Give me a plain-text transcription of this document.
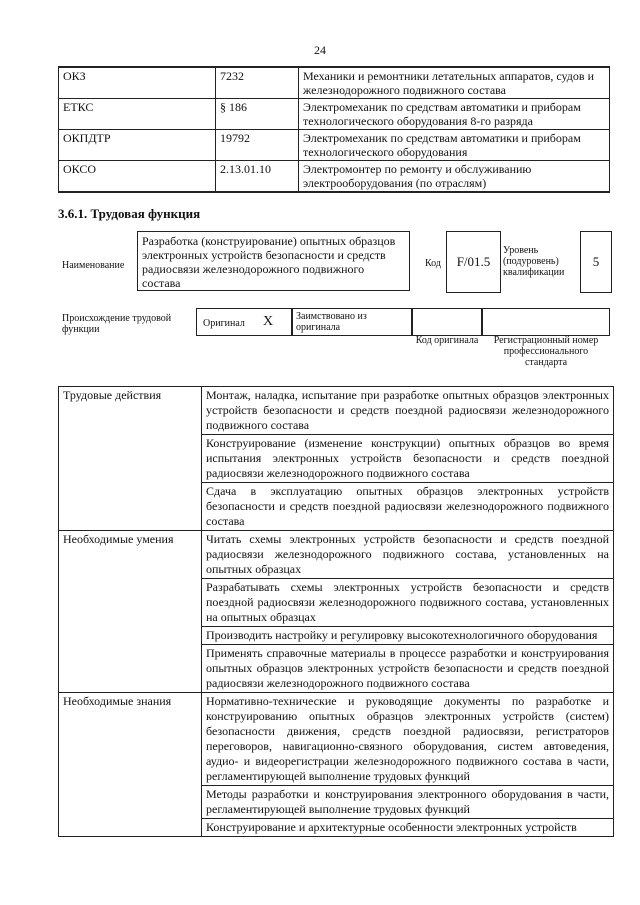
24
ОКЗ	7232	Механики и ремонтники летательных аппаратов, судов и железнодорожного подвижного состава
ЕТКС	§ 186	Электромеханик по средствам автоматики и приборам технологического оборудования 8-го разряда
ОКПДТР	19792	Электромеханик по средствам автоматики и приборам технологического оборудования
ОКСО	2.13.01.10	Электромонтер по ремонту и обслуживанию электрооборудования (по отраслям)
3.6.1. Трудовая функция
Наименование
Разработка (конструирование) опытных образцов электронных устройств безопасности и средств радиосвязи железнодорожного подвижного состава
Код	F/01.5
Уровень (подуровень) квалификации
5
Происхождение трудовой функции
Оригинал X	Заимствовано из оригинала
Код оригинала	Регистрационный номер профессионального стандарта
Трудовые действия	Монтаж, наладка, испытание при разработке опытных образцов электронных устройств безопасности и средств поездной радиосвязи железнодорожного подвижного состава
	Конструирование (изменение конструкции) опытных образцов во время испытания электронных устройств безопасности и средств поездной радиосвязи железнодорожного подвижного состава
	Сдача в эксплуатацию опытных образцов электронных устройств безопасности и средств поездной радиосвязи железнодорожного подвижного состава
Необходимые умения	Читать схемы электронных устройств безопасности и средств поездной радиосвязи железнодорожного подвижного состава, установленных на опытных образцах
	Разрабатывать схемы электронных устройств безопасности и средств поездной радиосвязи железнодорожного подвижного состава, установленных на опытных образцах
	Производить настройку и регулировку высокотехнологичного оборудования
	Применять справочные материалы в процессе разработки и конструирования опытных образцов электронных устройств безопасности и средств поездной радиосвязи железнодорожного подвижного состава
Необходимые знания	Нормативно-технические и руководящие документы по разработке и конструированию опытных образцов электронных устройств (систем) безопасности движения, средств поездной радиосвязи, регистраторов переговоров, навигационно-связного оборудования, систем автоведения, аудио- и видеорегистрации железнодорожного подвижного состава в части, регламентирующей выполнение трудовых функций
	Методы разработки и конструирования электронного оборудования в части, регламентирующей выполнение трудовых функций
	Конструирование и архитектурные особенности электронных устройств
